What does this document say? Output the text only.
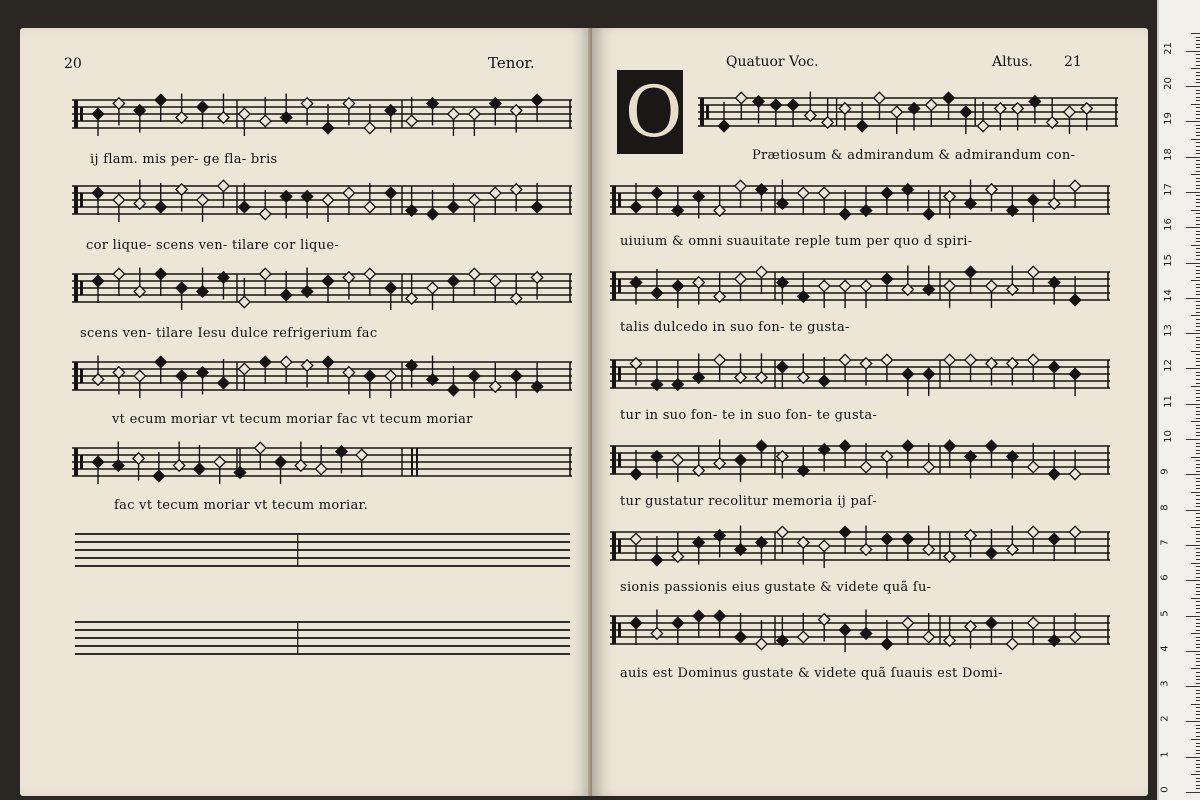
20	Tenor.
ij flam. mis per- ge fla- bris
cor lique- scens ven- tilare cor lique-
scens ven- tilare Iesu dulce refrigerium fac
vt ecum moriar vt tecum moriar fac vt tecum moriar
fac vt tecum moriar vt tecum moriar.
Quatuor Voc.	Altus. 21
O
Prætiosum & admirandum & admirandum con-
uiuium & omni suauitate reple tum per quo d spiri-
talis dulcedo in suo fon- te gusta-
tur in suo fon- te in suo fon- te gusta-
tur gustatur recolitur memoria ij paſ-
sionis passionis eius gustate & videte quã ſu-
auis est Dominus gustate & videte quã ſuauis est Domi-
0
1
2
3
4
5
6
7
8
9
10
11
12
13
14
15
16
17
18
19
20
21
